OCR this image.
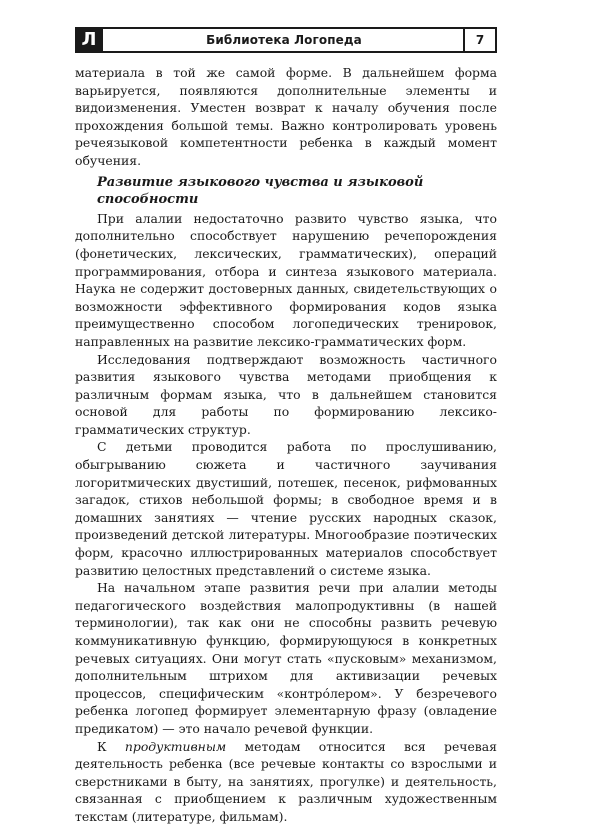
Л	Библиотека Логопеда	7

материала в той же самой форме. В дальнейшем форма варьируется, появляются дополнительные элементы и видоизменения. Уместен возврат к началу обучения после прохождения большой темы. Важно контролировать уровень речеязыковой компетентности ребенка в каждый момент обучения.

Развитие языкового чувства и языковой способности

При алалии недостаточно развито чувство языка, что дополнительно способствует нарушению речепорождения (фонетических, лексических, грамматических), операций программирования, отбора и синтеза языкового материала. Наука не содержит достоверных данных, свидетельствующих о возможности эффективного формирования кодов языка преимущественно способом логопедических тренировок, направленных на развитие лексико-грамматических форм.

Исследования подтверждают возможность частичного развития языкового чувства методами приобщения к различным формам языка, что в дальнейшем становится основой для работы по формированию лексико-грамматических структур.

С детьми проводится работа по прослушиванию, обыгрыванию сюжета и частичного заучивания логоритмических двустиший, потешек, песенок, рифмованных загадок, стихов небольшой формы; в свободное время и в домашних занятиях — чтение русских народных сказок, произведений детской литературы. Многообразие поэтических форм, красочно иллюстрированных материалов способствует развитию целостных представлений о системе языка.

На начальном этапе развития речи при алалии методы педагогического воздействия малопродуктивны (в нашей терминологии), так как они не способны развить речевую коммуникативную функцию, формирующуюся в конкретных речевых ситуациях. Они могут стать «пусковым» механизмом, дополнительным штрихом для активизации речевых процессов, специфическим «контрóлером». У безречевого ребенка логопед формирует элементарную фразу (овладение предикатом) — это начало речевой функции.

К продуктивным методам относится вся речевая деятельность ребенка (все речевые контакты со взрослыми и сверстниками в быту, на занятиях, прогулке) и деятельность, связанная с приобщением к различным художественным текстам (литературе, фильмам).
